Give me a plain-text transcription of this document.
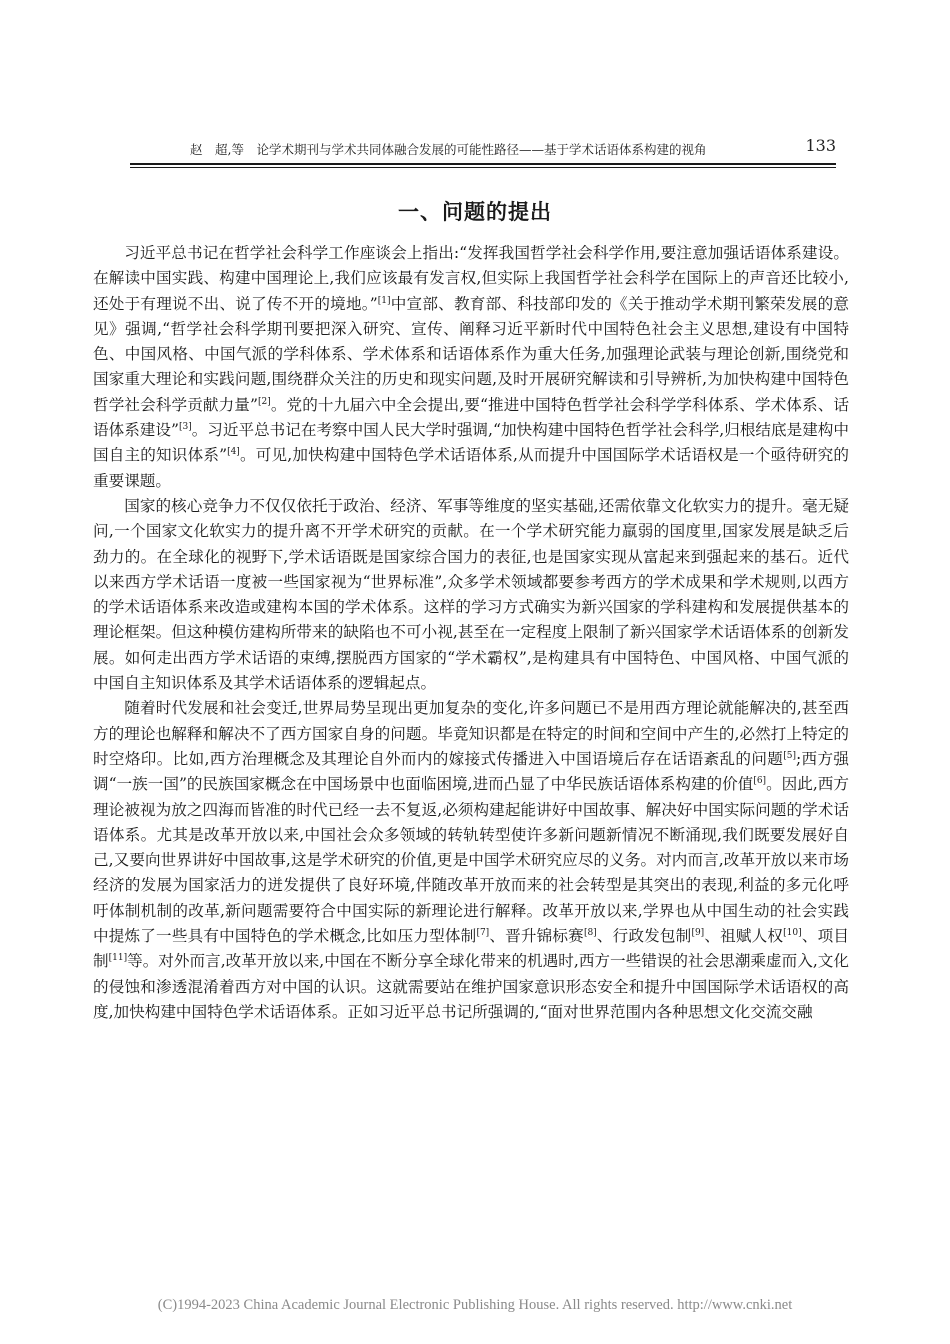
赵　超,等　论学术期刊与学术共同体融合发展的可能性路径——基于学术话语体系构建的视角	133
一、问题的提出

习近平总书记在哲学社会科学工作座谈会上指出:“发挥我国哲学社会科学作用,要注意加强话语体系建设。在解读中国实践、构建中国理论上,我们应该最有发言权,但实际上我国哲学社会科学在国际上的声音还比较小,还处于有理说不出、说了传不开的境地。”[1]中宣部、教育部、科技部印发的《关于推动学术期刊繁荣发展的意见》强调,“哲学社会科学期刊要把深入研究、宣传、阐释习近平新时代中国特色社会主义思想,建设有中国特色、中国风格、中国气派的学科体系、学术体系和话语体系作为重大任务,加强理论武装与理论创新,围绕党和国家重大理论和实践问题,围绕群众关注的历史和现实问题,及时开展研究解读和引导辨析,为加快构建中国特色哲学社会科学贡献力量”[2]。党的十九届六中全会提出,要“推进中国特色哲学社会科学学科体系、学术体系、话语体系建设”[3]。习近平总书记在考察中国人民大学时强调,“加快构建中国特色哲学社会科学,归根结底是建构中国自主的知识体系”[4]。可见,加快构建中国特色学术话语体系,从而提升中国国际学术话语权是一个亟待研究的重要课题。

国家的核心竞争力不仅仅依托于政治、经济、军事等维度的坚实基础,还需依靠文化软实力的提升。毫无疑问,一个国家文化软实力的提升离不开学术研究的贡献。在一个学术研究能力羸弱的国度里,国家发展是缺乏后劲力的。在全球化的视野下,学术话语既是国家综合国力的表征,也是国家实现从富起来到强起来的基石。近代以来西方学术话语一度被一些国家视为“世界标准”,众多学术领域都要参考西方的学术成果和学术规则,以西方的学术话语体系来改造或建构本国的学术体系。这样的学习方式确实为新兴国家的学科建构和发展提供基本的理论框架。但这种模仿建构所带来的缺陷也不可小视,甚至在一定程度上限制了新兴国家学术话语体系的创新发展。如何走出西方学术话语的束缚,摆脱西方国家的“学术霸权”,是构建具有中国特色、中国风格、中国气派的中国自主知识体系及其学术话语体系的逻辑起点。

随着时代发展和社会变迁,世界局势呈现出更加复杂的变化,许多问题已不是用西方理论就能解决的,甚至西方的理论也解释和解决不了西方国家自身的问题。毕竟知识都是在特定的时间和空间中产生的,必然打上特定的时空烙印。比如,西方治理概念及其理论自外而内的嫁接式传播进入中国语境后存在话语紊乱的问题[5];西方强调“一族一国”的民族国家概念在中国场景中也面临困境,进而凸显了中华民族话语体系构建的价值[6]。因此,西方理论被视为放之四海而皆准的时代已经一去不复返,必须构建起能讲好中国故事、解决好中国实际问题的学术话语体系。尤其是改革开放以来,中国社会众多领域的转轨转型使许多新问题新情况不断涌现,我们既要发展好自己,又要向世界讲好中国故事,这是学术研究的价值,更是中国学术研究应尽的义务。对内而言,改革开放以来市场经济的发展为国家活力的迸发提供了良好环境,伴随改革开放而来的社会转型是其突出的表现,利益的多元化呼吁体制机制的改革,新问题需要符合中国实际的新理论进行解释。改革开放以来,学界也从中国生动的社会实践中提炼了一些具有中国特色的学术概念,比如压力型体制[7]、晋升锦标赛[8]、行政发包制[9]、祖赋人权[10]、项目制[11]等。对外而言,改革开放以来,中国在不断分享全球化带来的机遇时,西方一些错误的社会思潮乘虚而入,文化的侵蚀和渗透混淆着西方对中国的认识。这就需要站在维护国家意识形态安全和提升中国国际学术话语权的高度,加快构建中国特色学术话语体系。正如习近平总书记所强调的,“面对世界范围内各种思想文化交流交融

(C)1994-2023 China Academic Journal Electronic Publishing House. All rights reserved. http://www.cnki.net
